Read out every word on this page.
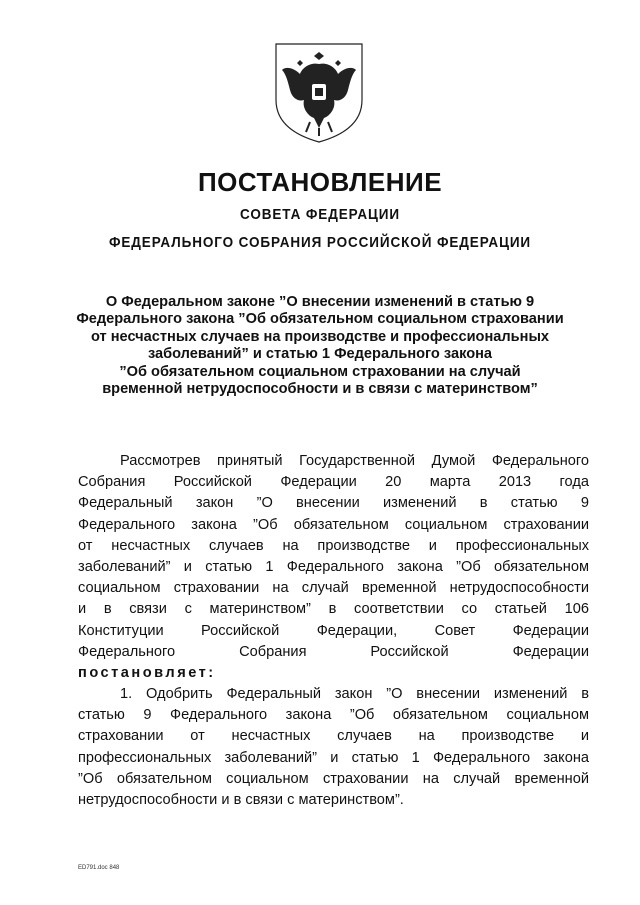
ПОСТАНОВЛЕНИЕ
СОВЕТА ФЕДЕРАЦИИ
ФЕДЕРАЛЬНОГО СОБРАНИЯ РОССИЙСКОЙ ФЕДЕРАЦИИ
О Федеральном законе ”О внесении изменений в статью 9
Федерального закона ”Об обязательном социальном страховании
от несчастных случаев на производстве и профессиональных
заболеваний” и статью 1 Федерального закона
”Об обязательном социальном страховании на случай
временной нетрудоспособности и в связи с материнством”
Рассмотрев принятый Государственной Думой Федерального
Собрания Российской Федерации 20 марта 2013 года
Федеральный закон ”О внесении изменений в статью 9
Федерального закона ”Об обязательном социальном страховании
от несчастных случаев на производстве и профессиональных
заболеваний” и статью 1 Федерального закона ”Об обязательном
социальном страховании на случай временной нетрудоспособности
и в связи с материнством” в соответствии со статьей 106
Конституции Российской Федерации, Совет Федерации
Федерального Собрания Российской Федерации
постановляет:
1. Одобрить Федеральный закон ”О внесении изменений в
статью 9 Федерального закона ”Об обязательном социальном
страховании от несчастных случаев на производстве и
профессиональных заболеваний” и статью 1 Федерального закона
”Об обязательном социальном страховании на случай временной
нетрудоспособности и в связи с материнством”.
ED791.doc 848
